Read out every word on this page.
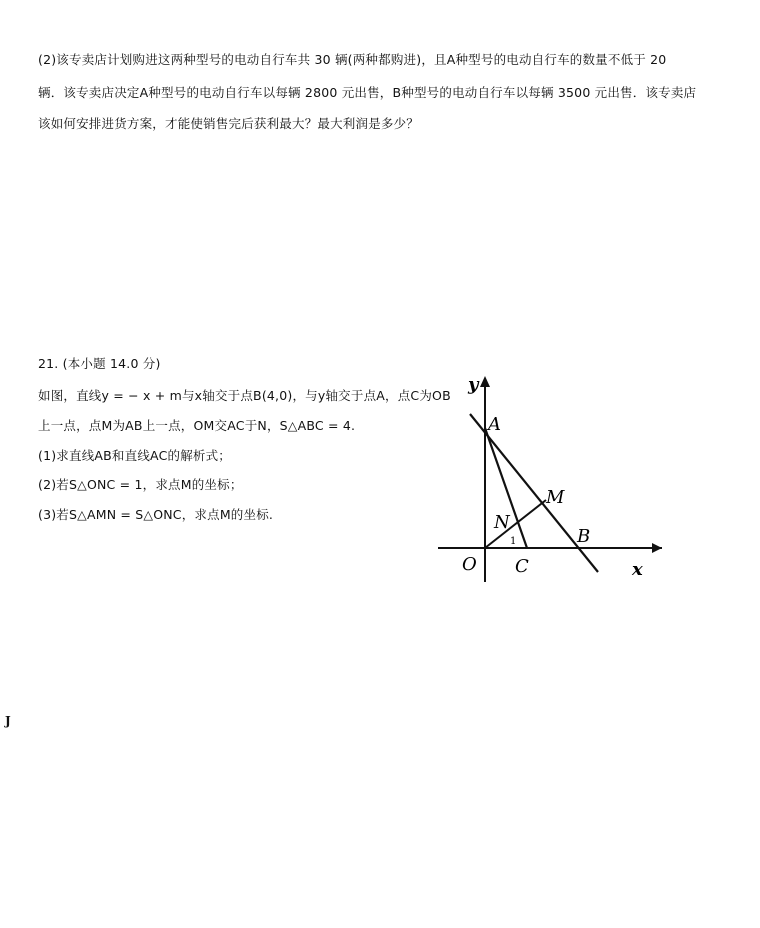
(2)该专卖店计划购进这两种型号的电动自行车共 30 辆(两种都购进)，且A种型号的电动自行车的数量不低于 20
辆．该专卖店决定A种型号的电动自行车以每辆 2800 元出售，B种型号的电动自行车以每辆 3500 元出售．该专卖店
该如何安排进货方案，才能使销售完后获利最大？最大利润是多少？
21. (本小题 14.0 分)
如图，直线y = − x + m与x轴交于点B(4,0)，与y轴交于点A，点C为OB
上一点，点M为AB上一点，OM交AC于N，S△ABC = 4.
(1)求直线AB和直线AC的解析式；
(2)若S△ONC = 1，求点M的坐标；
(3)若S△AMN = S△ONC，求点M的坐标.
y
x
O
A
B
C
M
N
1
J
